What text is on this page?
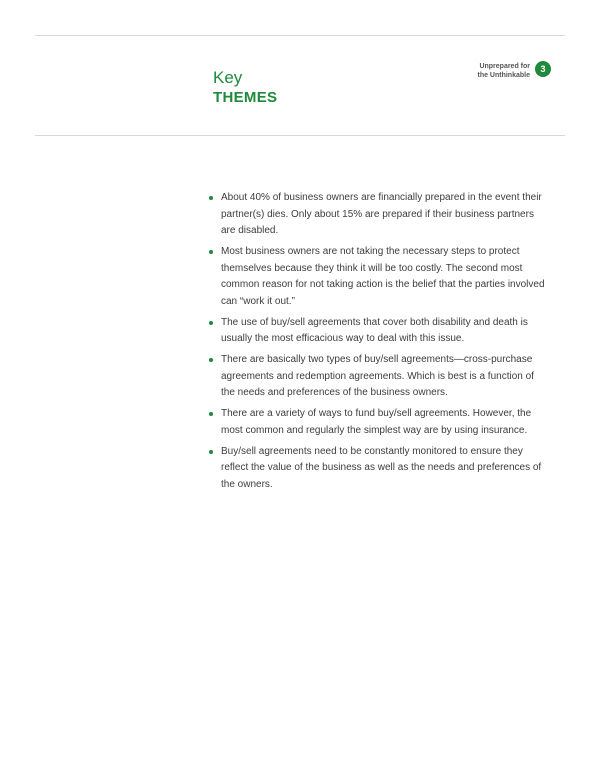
Key
THEMES
Unprepared for
the Unthinkable
3
About 40% of business owners are financially prepared in the event their partner(s) dies. Only about 15% are prepared if their business partners are disabled.
Most business owners are not taking the necessary steps to protect themselves because they think it will be too costly. The second most common reason for not taking action is the belief that the parties involved can “work it out.”
The use of buy/sell agreements that cover both disability and death is usually the most efficacious way to deal with this issue.
There are basically two types of buy/sell agreements—cross-purchase agreements and redemption agreements. Which is best is a function of the needs and preferences of the business owners.
There are a variety of ways to fund buy/sell agreements. However, the most common and regularly the simplest way are by using insurance.
Buy/sell agreements need to be constantly monitored to ensure they reflect the value of the business as well as the needs and preferences of the owners.
